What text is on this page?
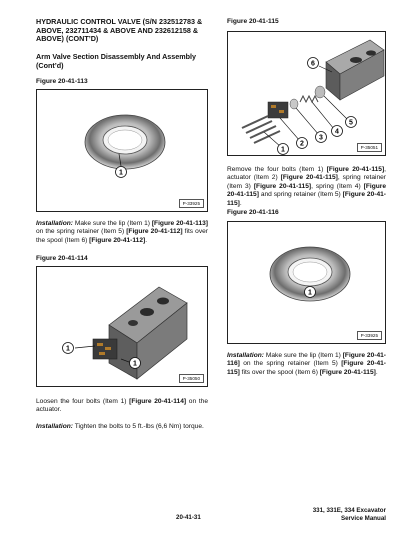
HYDRAULIC CONTROL VALVE (S/N 232512783 & ABOVE, 232711434 & ABOVE AND 232612158 & ABOVE) (CONT’D)
Arm Valve Section Disassembly And Assembly (Cont’d)
Figure 20-41-113
1
P-33925
Installation: Make sure the lip (Item 1) [Figure 20-41-113] on the spring retainer (Item 5) [Figure 20-41-112] fits over the spool (Item 6) [Figure 20-41-112].
Figure 20-41-114
1
1
P-35050
Loosen the four bolts (Item 1) [Figure 20-41-114] on the actuator.
Installation: Tighten the bolts to 5 ft.-lbs (6,6 Nm) torque.
Figure 20-41-115
6
5
4
3
2
1	P-35051
Remove the four bolts (Item 1) [Figure 20-41-115], actuator (Item 2) [Figure 20-41-115], spring retainer (Item 3) [Figure 20-41-115], spring (Item 4) [Figure 20-41-115] and spring retainer (Item 5) [Figure 20-41-115].
Figure 20-41-116
1
P-33925
Installation: Make sure the lip (Item 1) [Figure 20-41-116] on the spring retainer (Item 5) [Figure 20-41-115] fits over the spool (Item 6) [Figure 20-41-115].
20-41-31
331, 331E, 334 Excavator
Service Manual
